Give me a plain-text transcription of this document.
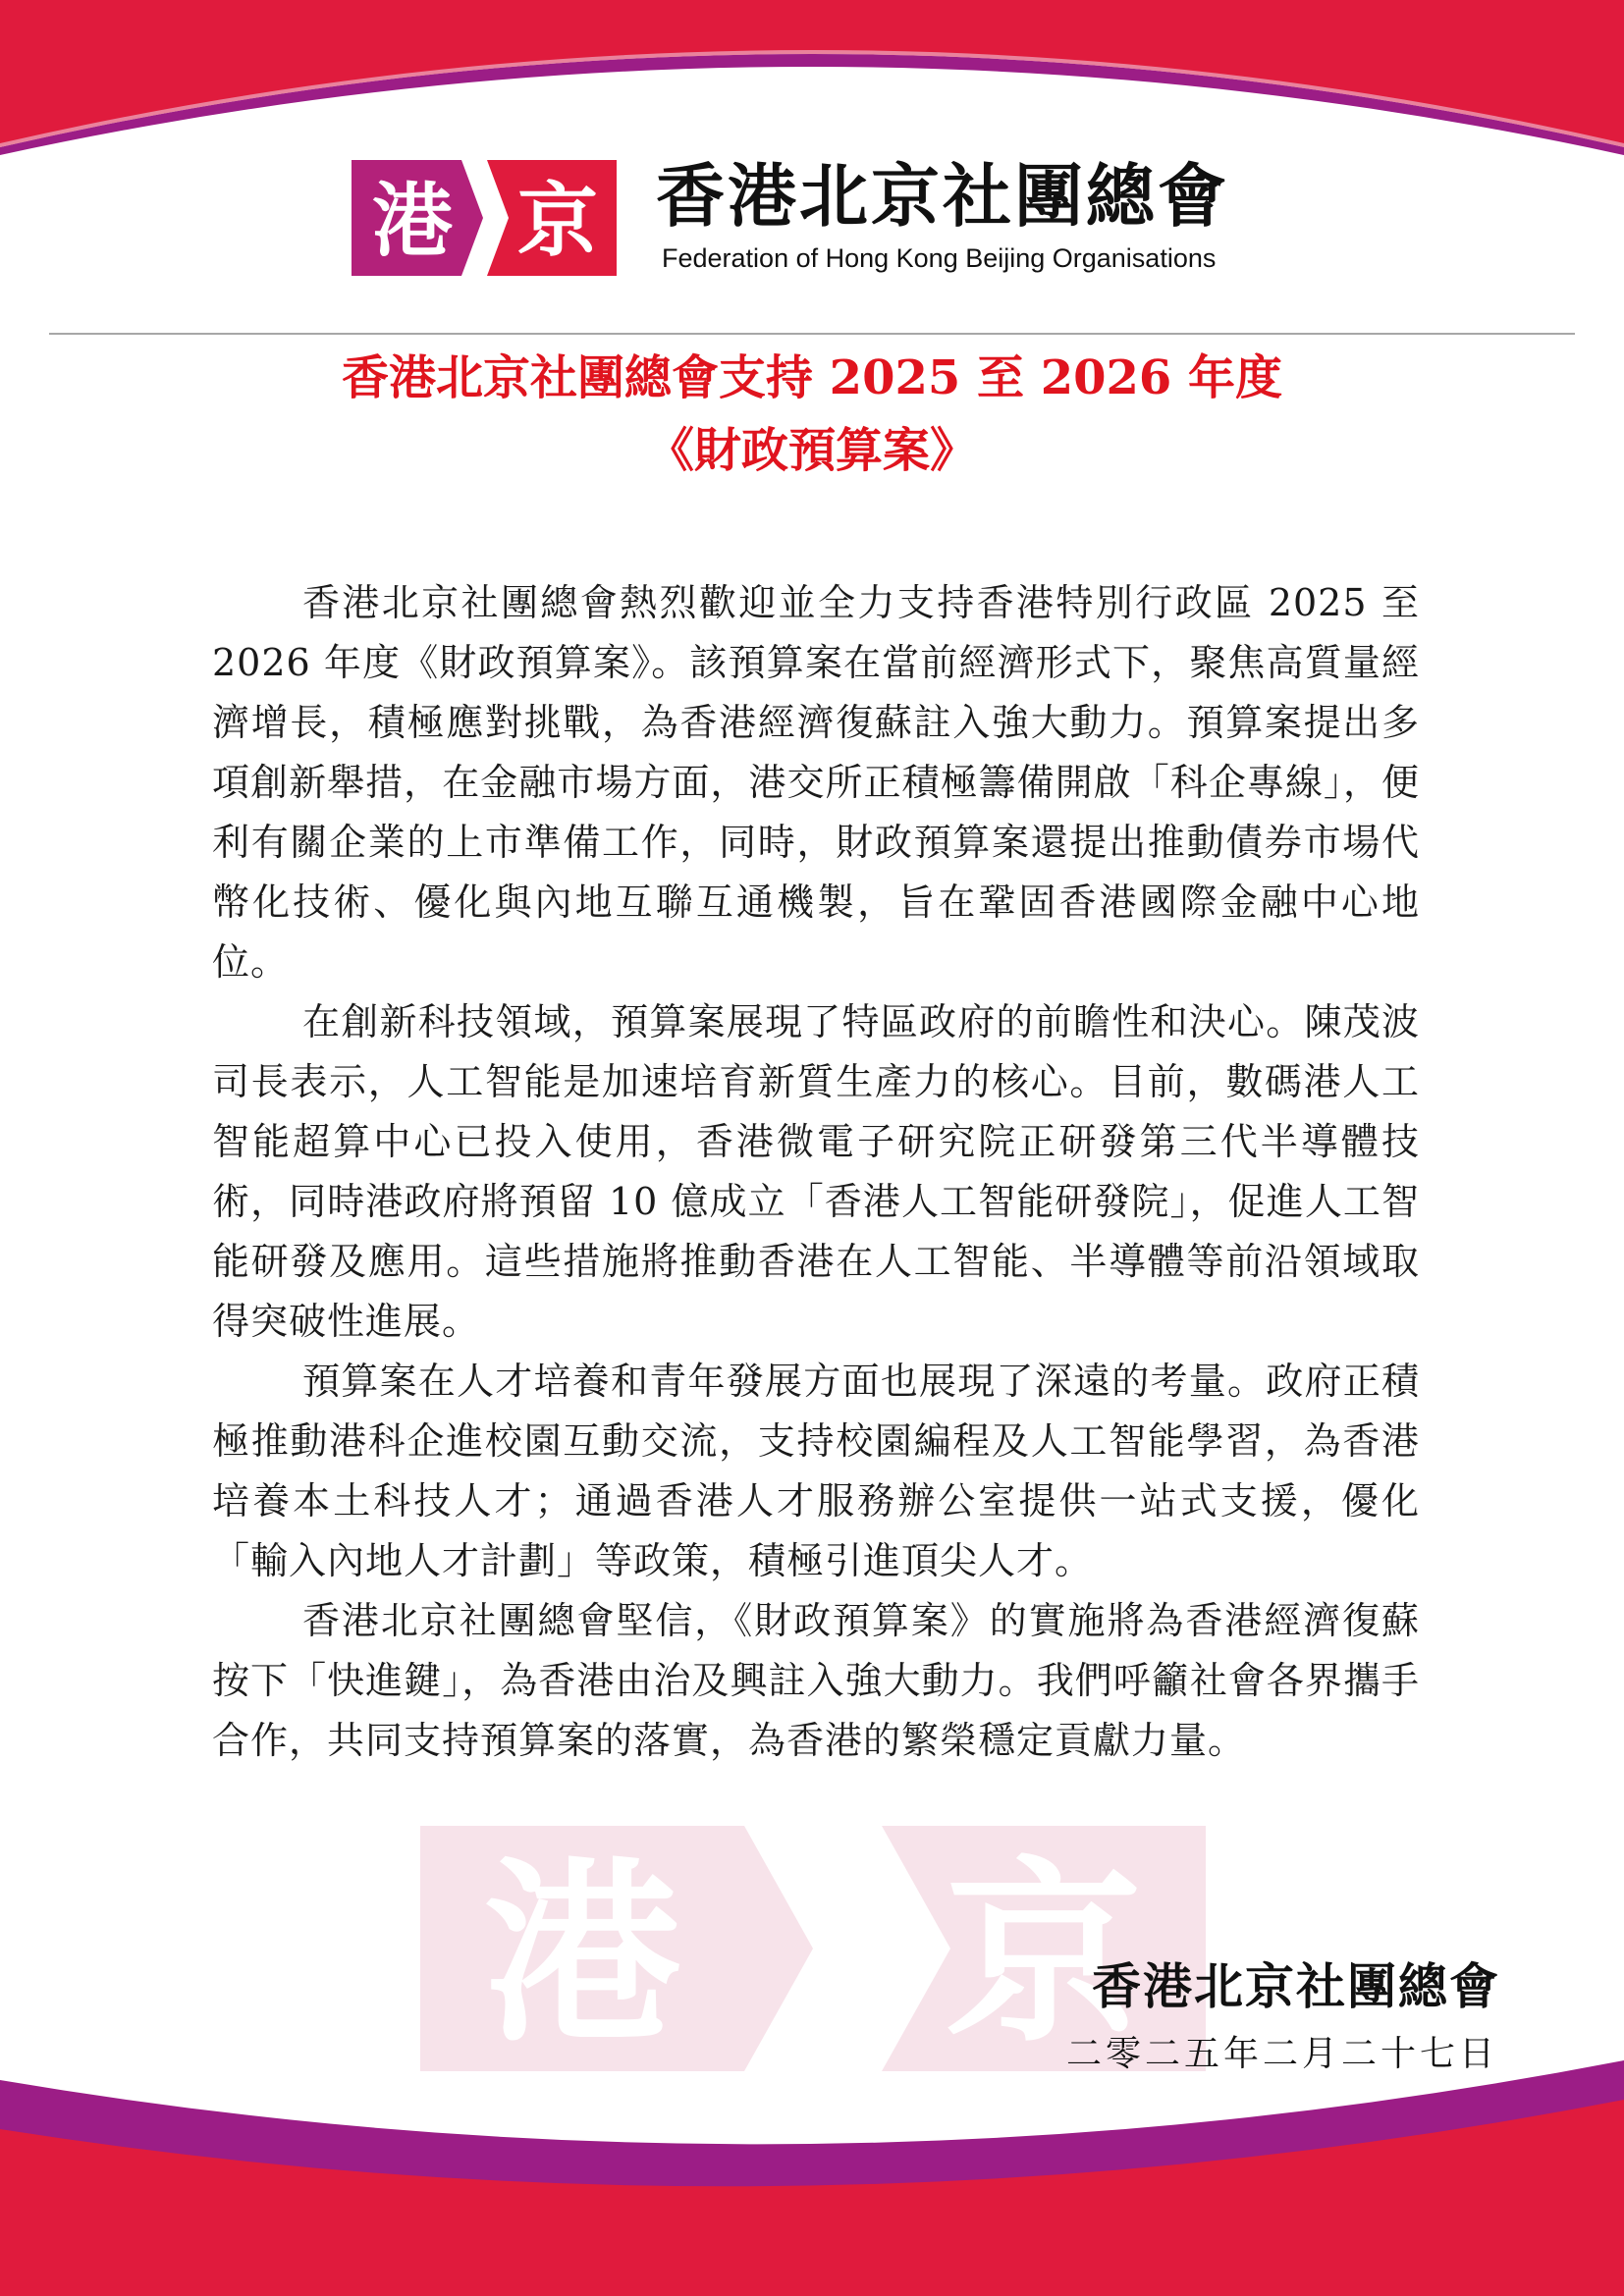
港 京
港 京 香港北京社團總會
Federation of Hong Kong Beijing Organisations
香港北京社團總會支持 2025 至 2026 年度
《財政預算案》

香港北京社團總會熱烈歡迎並全力支持香港特別行政區 2025 至 2026 年度《財政預算案》。該預算案在當前經濟形式下，聚焦高質量經濟增長，積極應對挑戰，為香港經濟復蘇註入強大動力。預算案提出多項創新舉措，在金融市場方面，港交所正積極籌備開啟「科企專線」，便利有關企業的上市準備工作，同時，財政預算案還提出推動債券市場代幣化技術、優化與內地互聯互通機製，旨在鞏固香港國際金融中心地位。

在創新科技領域，預算案展現了特區政府的前瞻性和決心。陳茂波司長表示，人工智能是加速培育新質生產力的核心。目前，數碼港人工智能超算中心已投入使用，香港微電子研究院正研發第三代半導體技術，同時港政府將預留 10 億成立「香港人工智能研發院」，促進人工智能研發及應用。這些措施將推動香港在人工智能、半導體等前沿領域取得突破性進展。

預算案在人才培養和青年發展方面也展現了深遠的考量。政府正積極推動港科企進校園互動交流，支持校園編程及人工智能學習，為香港培養本土科技人才；通過香港人才服務辦公室提供一站式支援，優化「輸入內地人才計劃」等政策，積極引進頂尖人才。

香港北京社團總會堅信，《財政預算案》的實施將為香港經濟復蘇按下「快進鍵」，為香港由治及興註入強大動力。我們呼籲社會各界攜手合作，共同支持預算案的落實，為香港的繁榮穩定貢獻力量。

香港北京社團總會
二零二五年二月二十七日
